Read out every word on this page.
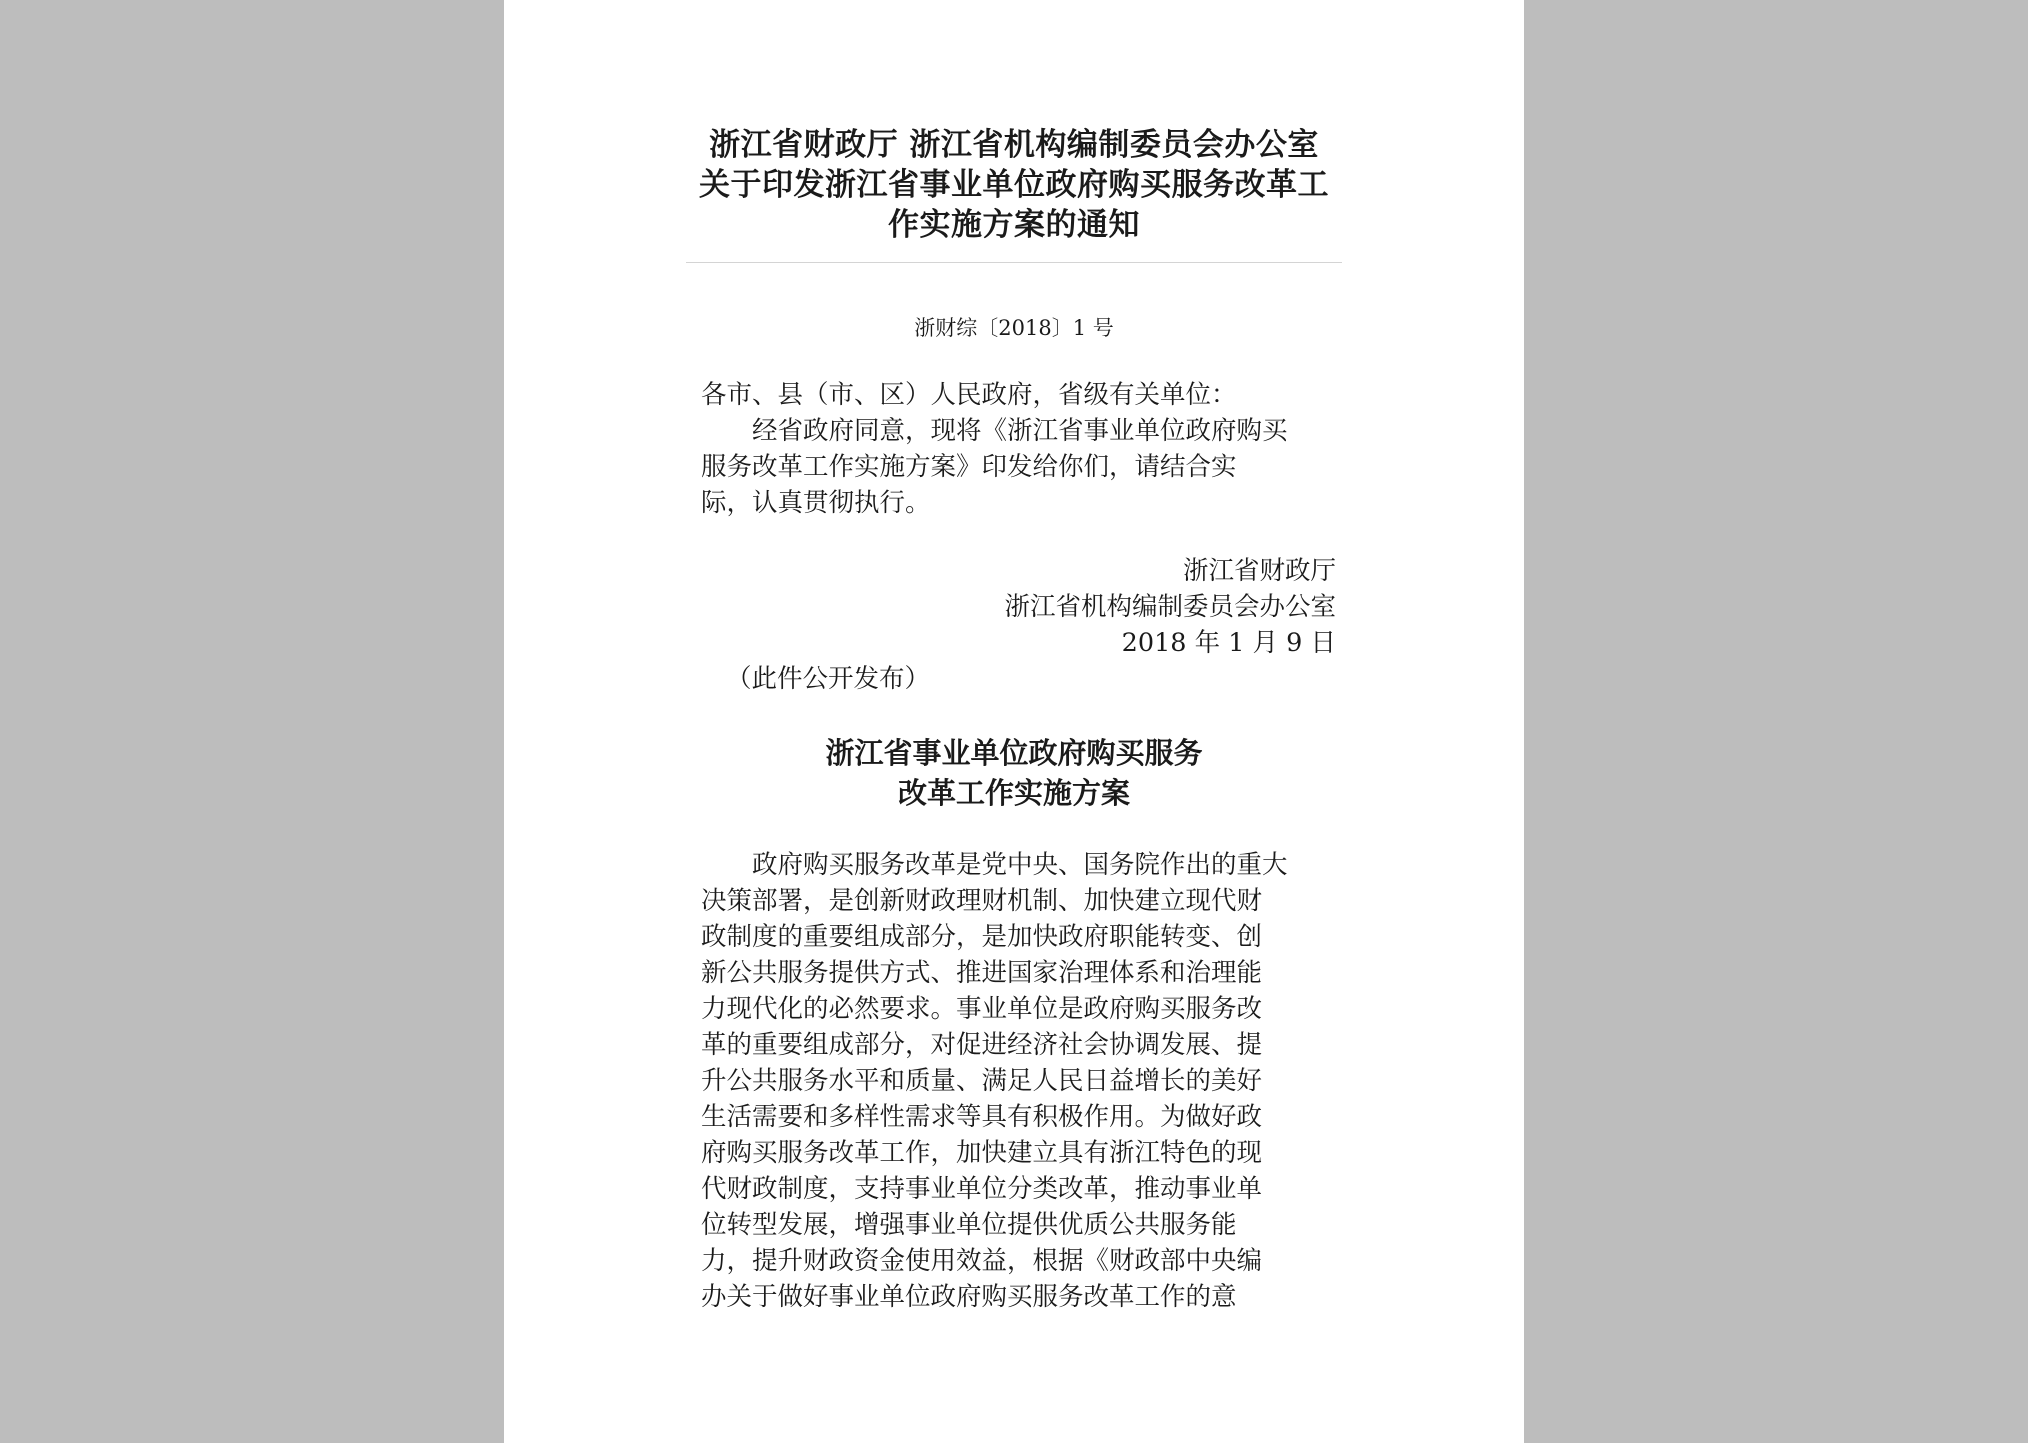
浙江省财政厅 浙江省机构编制委员会办公室
关于印发浙江省事业单位政府购买服务改革工
作实施方案的通知
浙财综〔2018〕1 号
各市、县（市、区）人民政府，省级有关单位：
经省政府同意，现将《浙江省事业单位政府购买
服务改革工作实施方案》印发给你们，请结合实
际，认真贯彻执行。
浙江省财政厅
浙江省机构编制委员会办公室
2018 年 1 月 9 日
（此件公开发布）
浙江省事业单位政府购买服务
改革工作实施方案
政府购买服务改革是党中央、国务院作出的重大
决策部署，是创新财政理财机制、加快建立现代财
政制度的重要组成部分，是加快政府职能转变、创
新公共服务提供方式、推进国家治理体系和治理能
力现代化的必然要求。事业单位是政府购买服务改
革的重要组成部分，对促进经济社会协调发展、提
升公共服务水平和质量、满足人民日益增长的美好
生活需要和多样性需求等具有积极作用。为做好政
府购买服务改革工作，加快建立具有浙江特色的现
代财政制度，支持事业单位分类改革，推动事业单
位转型发展，增强事业单位提供优质公共服务能
力，提升财政资金使用效益，根据《财政部中央编
办关于做好事业单位政府购买服务改革工作的意
